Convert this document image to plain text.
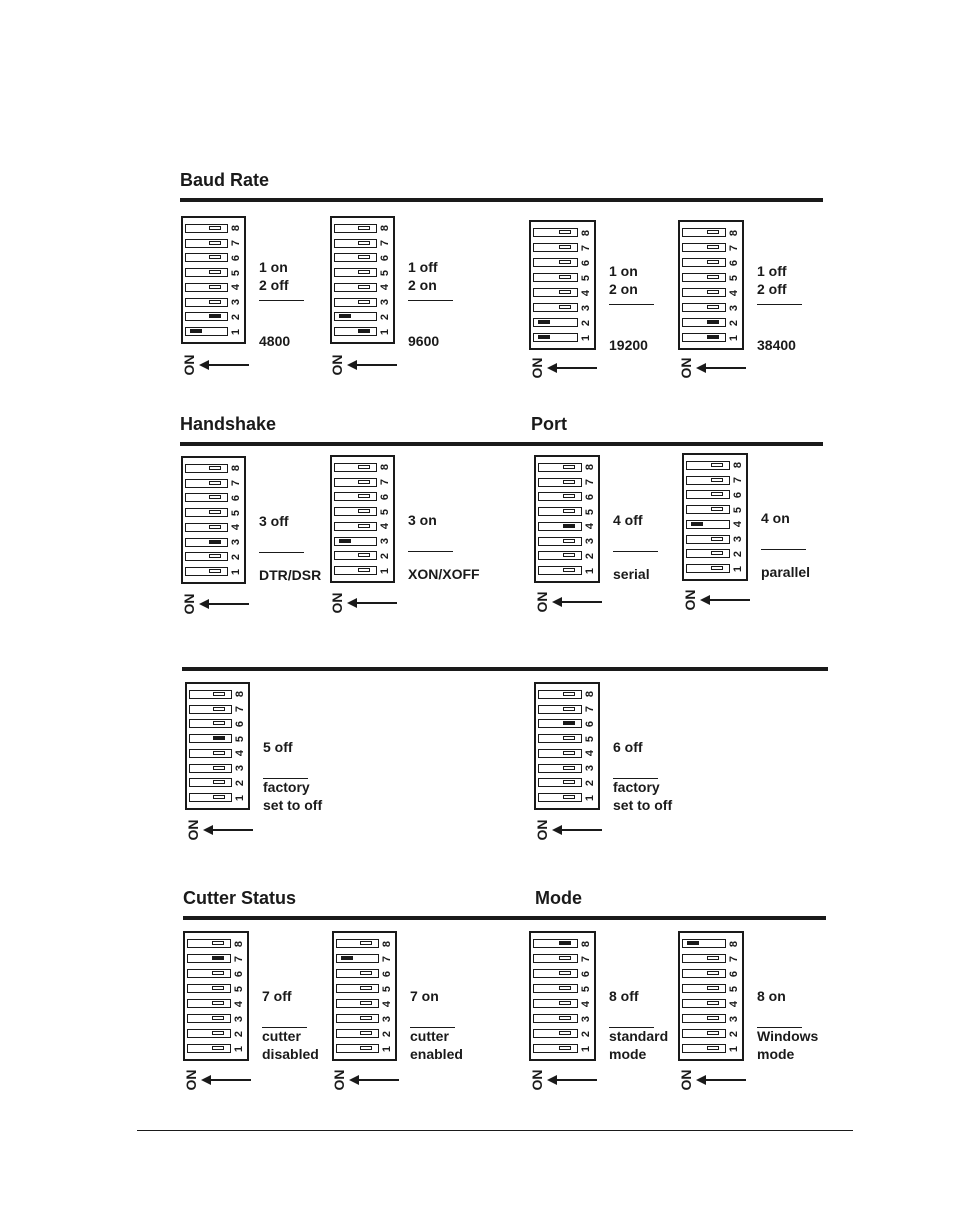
Baud Rate
Handshake	Port
Cutter Status	Mode
8
7
6
5
4
3
2
1
1 on
2 off
4800
ON
8
7
6
5
4
3
2
1
1 off
2 on
9600
ON
8
7
6
5
4
3
2
1
1 on
2 on
19200
ON
8
7
6
5
4
3
2
1
1 off
2 off
38400
ON
8
7
6
5
4
3
2
1
3 off
DTR/DSR
ON
8
7
6
5
4
3
2
1
3 on
XON/XOFF
ON
8
7
6
5
4
3
2
1
4 off
serial
ON
8
7
6
5
4
3
2
1
4 on
parallel
ON
8
7
6
5
4
3
2
1
5 off
factory
set to off
ON
8
7
6
5
4
3
2
1
6 off
factory
set to off
ON
8
7
6
5
4
3
2
1
7 off
cutter
disabled
ON
8
7
6
5
4
3
2
1
7 on
cutter
enabled
ON
8
7
6
5
4
3
2
1
8 off
standard
mode
ON
8
7
6
5
4
3
2
1
8 on
Windows
mode
ON
